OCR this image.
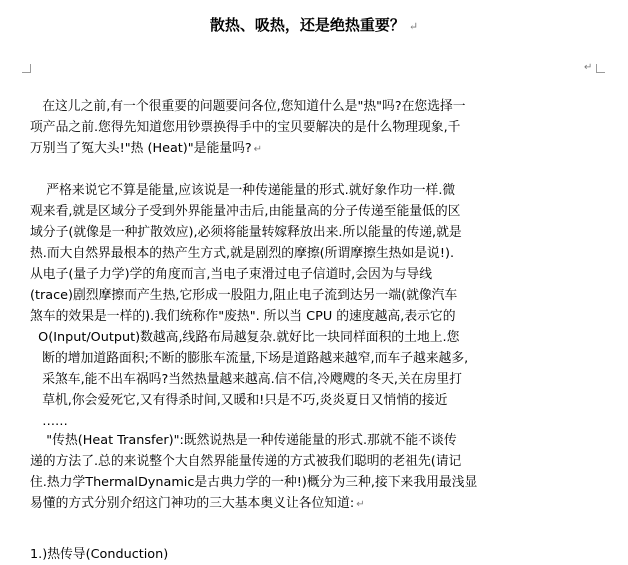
散热、吸热，还是绝热重要？ ↵
↵
在这儿之前,有一个很重要的问题要问各位,您知道什么是"热"吗?在您选择一
项产品之前.您得先知道您用钞票换得手中的宝贝要解决的是什么物理现象,千
万别当了冤大头!"热 (Heat)"是能量吗? ↵
严格来说它不算是能量,应该说是一种传递能量的形式.就好象作功一样.微
观来看,就是区域分子受到外界能量冲击后,由能量高的分子传递至能量低的区
域分子(就像是一种扩散效应),必须将能量转嫁释放出来.所以能量的传递,就是
热.而大自然界最根本的热产生方式,就是剧烈的摩擦(所谓摩擦生热如是说!).
从电子(量子力学)学的角度而言,当电子束滑过电子信道时,会因为与导线
(trace)剧烈摩擦而产生热,它形成一股阻力,阻止电子流到达另一端(就像汽车
煞车的效果是一样的).我们统称作"废热". 所以当 CPU 的速度越高,表示它的
O(Input/Output)数越高,线路布局越复杂.就好比一块同样面积的土地上.您
断的增加道路面积;不断的膨胀车流量,下场是道路越来越窄,而车子越来越多,
采煞车,能不出车祸吗?当然热量越来越高.信不信,冷飕飕的冬天,关在房里打
草机,你会爱死它,又有得杀时间,又暖和!只是不巧,炎炎夏日又悄悄的接近
……
"传热(Heat Transfer)":既然说热是一种传递能量的形式.那就不能不谈传
递的方法了.总的来说整个大自然界能量传递的方式被我们聪明的老祖先(请记
住.热力学ThermalDynamic是古典力学的一种!)概分为三种,接下来我用最浅显
易懂的方式分别介绍这门神功的三大基本奥义让各位知道: ↵
1.)热传导(Conduction)
